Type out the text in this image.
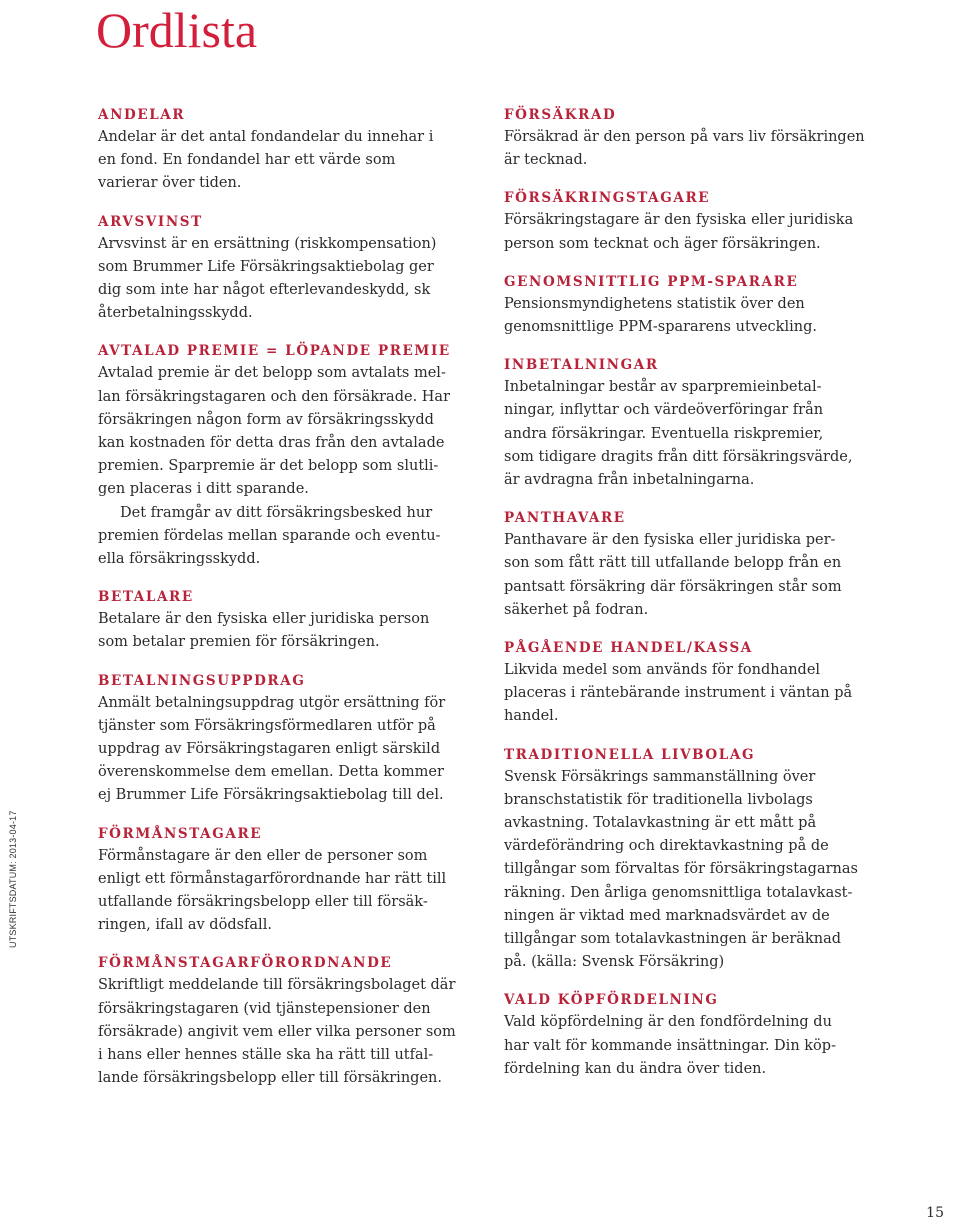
Ordlista
UTSKRIFTSDATUM: 2013-04-17
ANDELAR
Andelar är det antal fondandelar du innehar i
en fond. En fondandel har ett värde som
varierar över tiden.
ARVSVINST
Arvsvinst är en ersättning (riskkompensation)
som Brummer Life Försäkringsaktiebolag ger
dig som inte har något efterlevandeskydd, sk
återbetalningsskydd.
AVTALAD PREMIE = LÖPANDE PREMIE
Avtalad premie är det belopp som avtalats mel-
lan försäkringstagaren och den försäkrade. Har
försäkringen någon form av försäkringsskydd
kan kostnaden för detta dras från den avtalade
premien. Sparpremie är det belopp som slutli-
gen placeras i ditt sparande.
Det framgår av ditt försäkringsbesked hur
premien fördelas mellan sparande och eventu-
ella försäkringsskydd.
BETALARE
Betalare är den fysiska eller juridiska person
som betalar premien för försäkringen.
BETALNINGSUPPDRAG
Anmält betalningsuppdrag utgör ersättning för
tjänster som Försäkringsförmedlaren utför på
uppdrag av Försäkringstagaren enligt särskild
överenskommelse dem emellan. Detta kommer
ej Brummer Life Försäkringsaktiebolag till del.
FÖRMÅNSTAGARE
Förmånstagare är den eller de personer som
enligt ett förmånstagarförordnande har rätt till
utfallande försäkringsbelopp eller till försäk-
ringen, ifall av dödsfall.
FÖRMÅNSTAGARFÖRORDNANDE
Skriftligt meddelande till försäkringsbolaget där
försäkringstagaren (vid tjänstepensioner den
försäkrade) angivit vem eller vilka personer som
i hans eller hennes ställe ska ha rätt till utfal-
lande försäkringsbelopp eller till försäkringen.
FÖRSÄKRAD
Försäkrad är den person på vars liv försäkringen
är tecknad.
FÖRSÄKRINGSTAGARE
Försäkringstagare är den fysiska eller juridiska
person som tecknat och äger försäkringen.
GENOMSNITTLIG PPM-SPARARE
Pensionsmyndighetens statistik över den
genomsnittlige PPM-spararens utveckling.
INBETALNINGAR
Inbetalningar består av sparpremieinbetal-
ningar, inflyttar och värdeöverföringar från
andra försäkringar. Eventuella riskpremier,
som tidigare dragits från ditt försäkringsvärde,
är avdragna från inbetalningarna.
PANTHAVARE
Panthavare är den fysiska eller juridiska per-
son som fått rätt till utfallande belopp från en
pantsatt försäkring där försäkringen står som
säkerhet på fodran.
PÅGÅENDE HANDEL/KASSA
Likvida medel som används för fondhandel
placeras i räntebärande instrument i väntan på
handel.
TRADITIONELLA LIVBOLAG
Svensk Försäkrings sammanställning över
branschstatistik för traditionella livbolags
avkastning. Totalavkastning är ett mått på
värdeförändring och direktavkastning på de
tillgångar som förvaltas för försäkringstagarnas
räkning. Den årliga genomsnittliga totalavkast-
ningen är viktad med marknadsvärdet av de
tillgångar som totalavkastningen är beräknad
på. (källa: Svensk Försäkring)
VALD KÖPFÖRDELNING
Vald köpfördelning är den fondfördelning du
har valt för kommande insättningar. Din köp-
fördelning kan du ändra över tiden.
15
